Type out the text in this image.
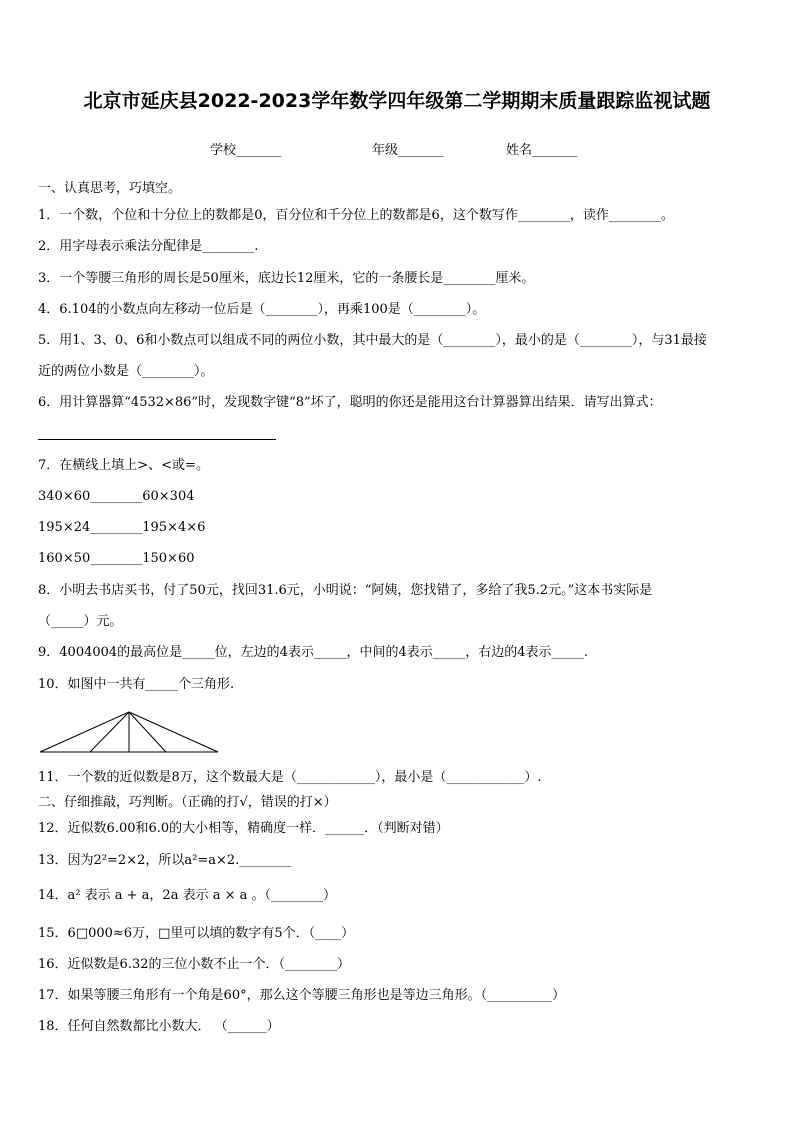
北京市延庆县2022-2023学年数学四年级第二学期期末质量跟踪监视试题
学校_______	年级_______	姓名_______
一、认真思考，巧填空。
1．一个数，个位和十分位上的数都是0，百分位和千分位上的数都是6，这个数写作________，读作________。
2．用字母表示乘法分配律是________.
3．一个等腰三角形的周长是50厘米，底边长12厘米，它的一条腰长是________厘米。
4．6.104的小数点向左移动一位后是（________），再乘100是（________）。
5．用1、3、0、6和小数点可以组成不同的两位小数，其中最大的是（________），最小的是（________），与31最接
近的两位小数是（________）。
6．用计算器算“4532×86”时，发现数字键“8”坏了，聪明的你还是能用这台计算器算出结果．请写出算式：
7．在横线上填上>、<或=。
340×60________60×304
195×24________195×4×6
160×50________150×60
8．小明去书店买书，付了50元，找回31.6元，小明说：“阿姨，您找错了，多给了我5.2元。”这本书实际是
（_____）元。
9．4004004的最高位是_____位，左边的4表示_____，中间的4表示_____，右边的4表示_____.
10．如图中一共有_____个三角形.
11．一个数的近似数是8万，这个数最大是（____________），最小是（____________）.
二、仔细推敲，巧判断。（正确的打√，错误的打×）
12．近似数6.00和6.0的大小相等，精确度一样．______．（判断对错）
13．因为2²=2×2，所以a²=a×2.________
14．a² 表示 a + a，2a 表示 a × a 。（________）
15．6□000≈6万，□里可以填的数字有5个．（____）
16．近似数是6.32的三位小数不止一个．（________）
17．如果等腰三角形有一个角是60°，那么这个等腰三角形也是等边三角形。（__________）
18．任何自然数都比小数大． （______）
